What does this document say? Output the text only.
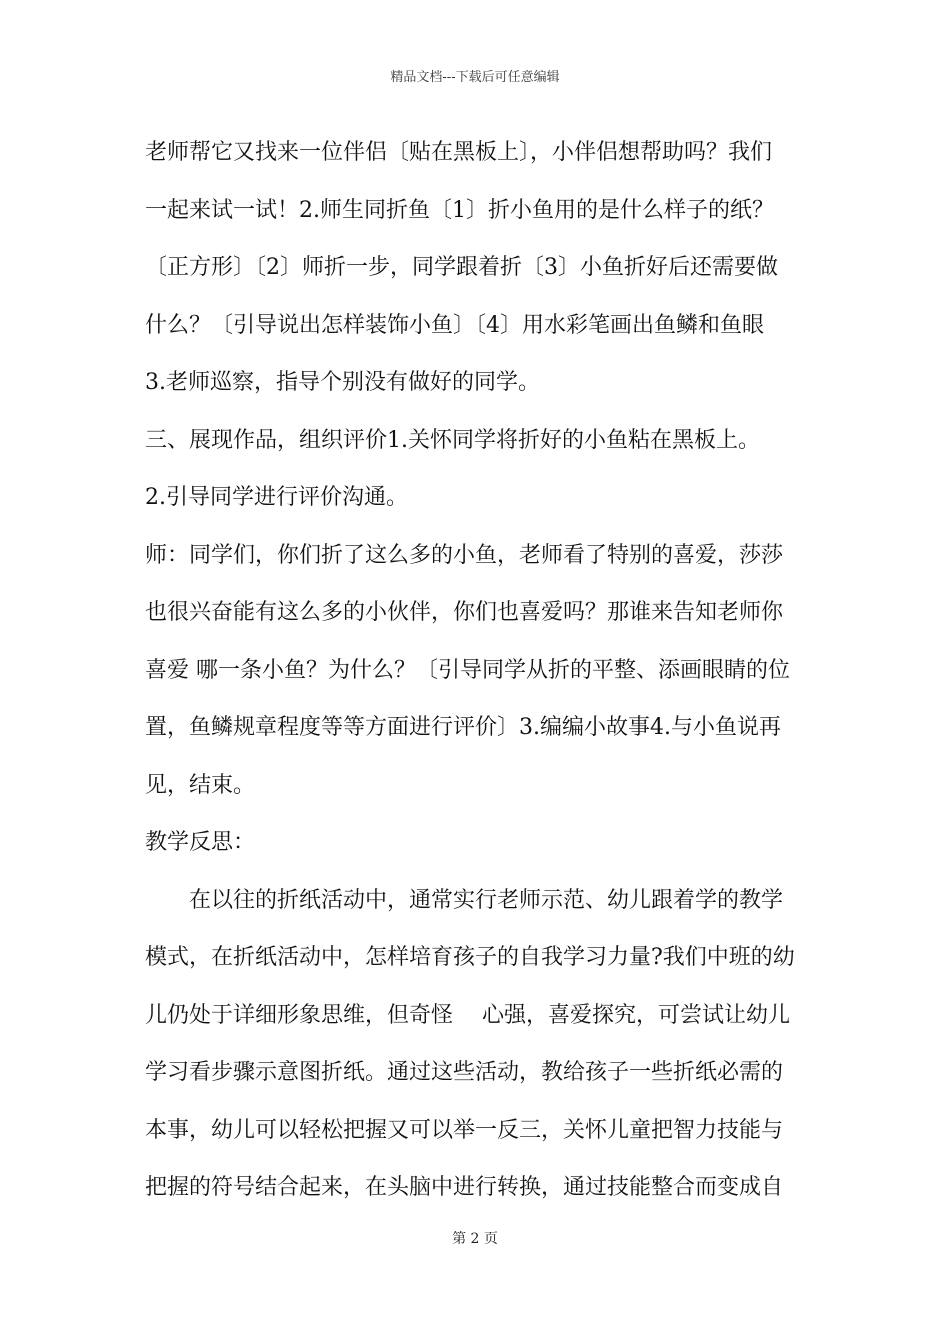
精品文档---下载后可任意编辑
老师帮它又找来一位伴侣〔贴在黑板上〕，小伴侣想帮助吗？我们
一起来试一试！2.师生同折鱼〔1〕折小鱼用的是什么样子的纸？
〔正方形〕〔2〕师折一步，同学跟着折〔3〕小鱼折好后还需要做
什么？〔引导说出怎样装饰小鱼〕〔4〕用水彩笔画出鱼鳞和鱼眼
3.老师巡察，指导个别没有做好的同学。
三、展现作品，组织评价1.关怀同学将折好的小鱼粘在黑板上。
2.引导同学进行评价沟通。
师：同学们，你们折了这么多的小鱼，老师看了特别的喜爱，莎莎
也很兴奋能有这么多的小伙伴，你们也喜爱吗？那谁来告知老师你
喜爱 哪一条小鱼？为什么？〔引导同学从折的平整、添画眼睛的位
置，鱼鳞规章程度等等方面进行评价〕3.编编小故事4.与小鱼说再
见，结束。
教学反思：
　　在以往的折纸活动中，通常实行老师示范、幼儿跟着学的教学
模式，在折纸活动中，怎样培育孩子的自我学习力量?我们中班的幼
儿仍处于详细形象思维，但奇怪　 心强，喜爱探究，可尝试让幼儿
学习看步骤示意图折纸。通过这些活动，教给孩子一些折纸必需的
本事，幼儿可以轻松把握又可以举一反三，关怀儿童把智力技能与
把握的符号结合起来，在头脑中进行转换，通过技能整合而变成自
第 2 页
